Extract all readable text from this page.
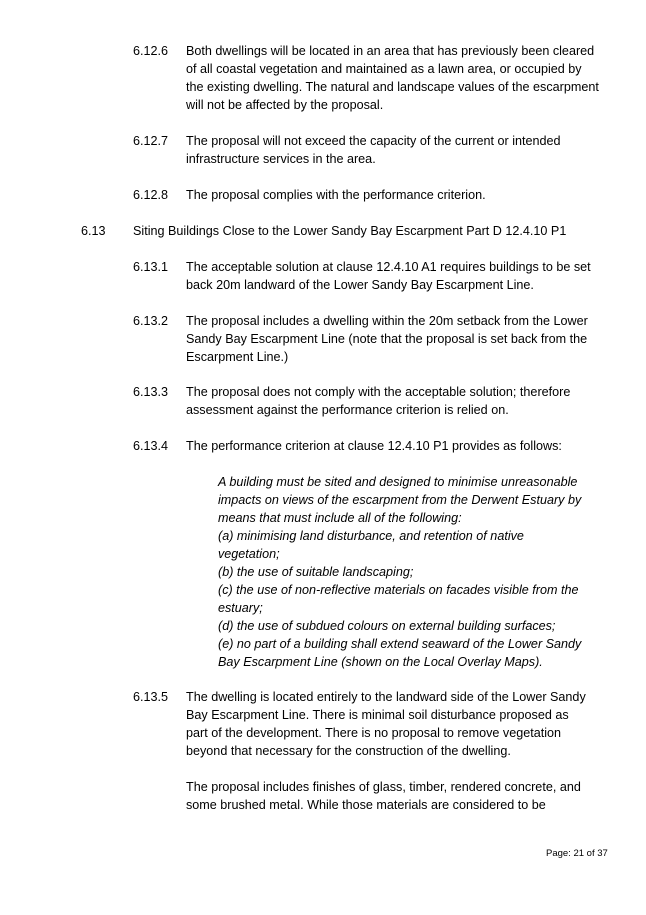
6.12.6 Both dwellings will be located in an area that has previously been cleared
of all coastal vegetation and maintained as a lawn area, or occupied by
the existing dwelling. The natural and landscape values of the escarpment
will not be affected by the proposal.
6.12.7 The proposal will not exceed the capacity of the current or intended
infrastructure services in the area.
6.12.8 The proposal complies with the performance criterion.
6.13 Siting Buildings Close to the Lower Sandy Bay Escarpment Part D 12.4.10 P1
6.13.1 The acceptable solution at clause 12.4.10 A1 requires buildings to be set
back 20m landward of the Lower Sandy Bay Escarpment Line.
6.13.2 The proposal includes a dwelling within the 20m setback from the Lower
Sandy Bay Escarpment Line (note that the proposal is set back from the
Escarpment Line.)
6.13.3 The proposal does not comply with the acceptable solution; therefore
assessment against the performance criterion is relied on.
6.13.4 The performance criterion at clause 12.4.10 P1 provides as follows:
A building must be sited and designed to minimise unreasonable
impacts on views of the escarpment from the Derwent Estuary by
means that must include all of the following:
(a) minimising land disturbance, and retention of native
vegetation;
(b) the use of suitable landscaping;
(c) the use of non-reflective materials on facades visible from the
estuary;
(d) the use of subdued colours on external building surfaces;
(e) no part of a building shall extend seaward of the Lower Sandy
Bay Escarpment Line (shown on the Local Overlay Maps).
6.13.5 The dwelling is located entirely to the landward side of the Lower Sandy
Bay Escarpment Line. There is minimal soil disturbance proposed as
part of the development. There is no proposal to remove vegetation
beyond that necessary for the construction of the dwelling.
The proposal includes finishes of glass, timber, rendered concrete, and
some brushed metal. While those materials are considered to be
Page: 21 of 37
